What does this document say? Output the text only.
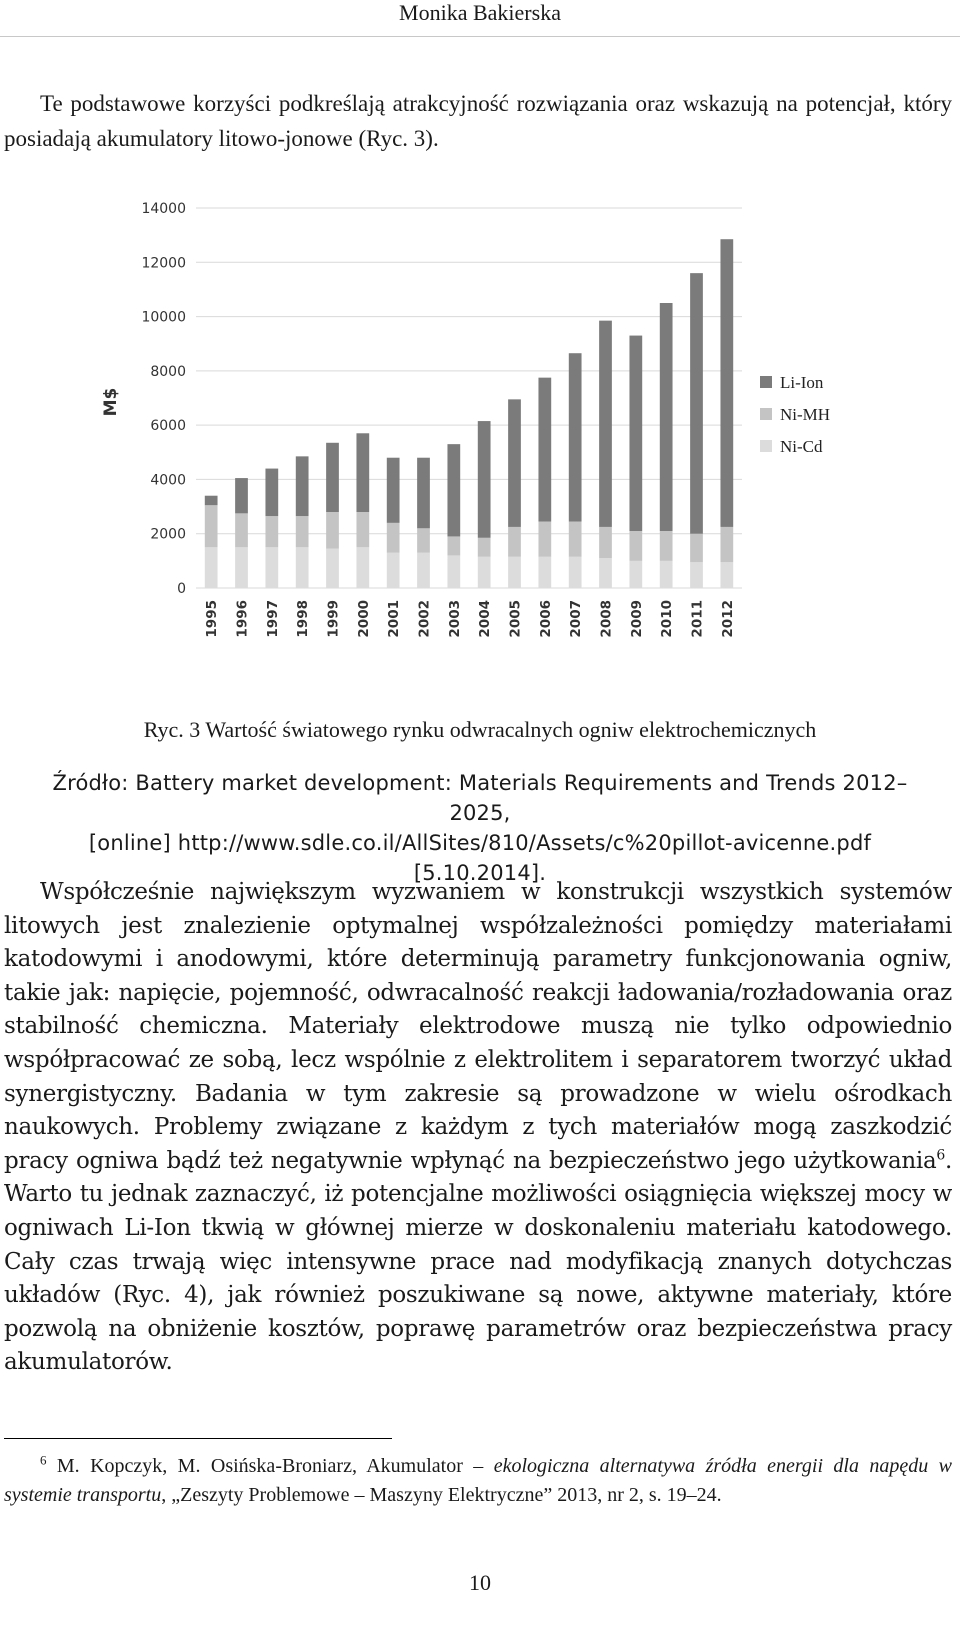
Monika Bakierska

Te podstawowe korzyści podkreślają atrakcyjność rozwiązania oraz wskazują na potencjał, który posiadają akumulatory litowo-jonowe (Ryc. 3).

0
2000
4000
6000
8000
10000
12000
14000
M$
1995 1996 1997 1998 1999 2000 2001 2002 2003 2004 2005 2006 2007 2008 2009 2010 2011 2012
Li-Ion
Ni-MH
Ni-Cd

Ryc. 3 Wartość światowego rynku odwracalnych ogniw elektrochemicznych

Źródło: Battery market development: Materials Requirements and Trends 2012–2025,
[online] http://www.sdle.co.il/AllSites/810/Assets/c%20pillot-avicenne.pdf [5.10.2014].

Współcześnie największym wyzwaniem w konstrukcji wszystkich systemów litowych jest znalezienie optymalnej współzależności pomiędzy materiałami katodowymi i anodowymi, które determinują parametry funkcjonowania ogniw, takie jak: napięcie, pojemność, odwracalność reakcji ładowania/rozładowania oraz stabilność chemiczna. Materiały elektrodowe muszą nie tylko odpowiednio współpracować ze sobą, lecz wspólnie z elektrolitem i separatorem tworzyć układ synergistyczny. Badania w tym zakresie są prowadzone w wielu ośrodkach naukowych. Problemy związane z każdym z tych materiałów mogą zaszkodzić pracy ogniwa bądź też negatywnie wpłynąć na bezpieczeństwo jego użytkowania$^6$. Warto tu jednak zaznaczyć, iż potencjalne możliwości osiągnięcia większej mocy w ogniwach Li-Ion tkwią w głównej mierze w doskonaleniu materiału katodowego. Cały czas trwają więc intensywne prace nad modyfikacją znanych dotychczas układów (Ryc. 4), jak również poszukiwane są nowe, aktywne materiały, które pozwolą na obniżenie kosztów, poprawę parametrów oraz bezpieczeństwa pracy akumulatorów.

$^6$ M. Kopczyk, M. Osińska-Broniarz, Akumulator – ekologiczna alternatywa źródła energii dla napędu w systemie transportu, „Zeszyty Problemowe – Maszyny Elektryczne” 2013, nr 2, s. 19–24.

10
